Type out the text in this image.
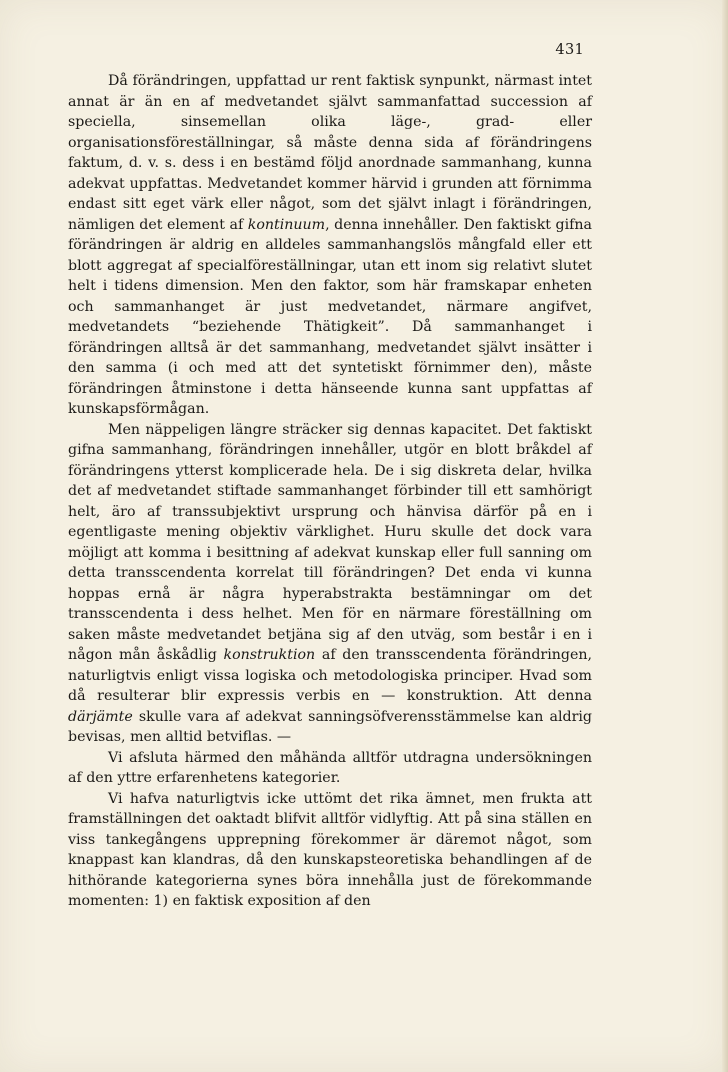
431

Då förändringen, uppfattad ur rent faktisk synpunkt, närmast intet annat är än en af medvetandet självt sammanfattad succession af speciella, sinsemellan olika läge-, grad- eller organisationsföreställningar, så måste denna sida af förändringens faktum, d. v. s. dess i en bestämd följd anordnade sammanhang, kunna adekvat uppfattas. Medvetandet kommer härvid i grunden att förnimma endast sitt eget värk eller något, som det självt inlagt i förändringen, nämligen det element af kontinuum, denna innehåller. Den faktiskt gifna förändringen är aldrig en alldeles sammanhangslös mångfald eller ett blott aggregat af specialföreställningar, utan ett inom sig relativt slutet helt i tidens dimension. Men den faktor, som här framskapar enheten och sammanhanget är just medvetandet, närmare angifvet, medvetandets “beziehende Thätigkeit”. Då sammanhanget i förändringen alltså är det sammanhang, medvetandet självt insätter i den samma (i och med att det syntetiskt förnimmer den), måste förändringen åtminstone i detta hänseende kunna sant uppfattas af kunskapsförmågan.

Men näppeligen längre sträcker sig dennas kapacitet. Det faktiskt gifna sammanhang, förändringen innehåller, utgör en blott bråkdel af förändringens ytterst komplicerade hela. De i sig diskreta delar, hvilka det af medvetandet stiftade sammanhanget förbinder till ett samhörigt helt, äro af transsubjektivt ursprung och hänvisa därför på en i egentligaste mening objektiv värklighet. Huru skulle det dock vara möjligt att komma i besittning af adekvat kunskap eller full sanning om detta transscendenta korrelat till förändringen? Det enda vi kunna hoppas ernå är några hyperabstrakta bestämningar om det transscendenta i dess helhet. Men för en närmare föreställning om saken måste medvetandet betjäna sig af den utväg, som består i en i någon mån åskådlig konstruktion af den transscendenta förändringen, naturligtvis enligt vissa logiska och metodologiska principer. Hvad som då resulterar blir expressis verbis en — konstruktion. Att denna därjämte skulle vara af adekvat sanningsöfverensstämmelse kan aldrig bevisas, men alltid betviflas. —

Vi afsluta härmed den måhända alltför utdragna undersökningen af den yttre erfarenhetens kategorier.

Vi hafva naturligtvis icke uttömt det rika ämnet, men frukta att framställningen det oaktadt blifvit alltför vidlyftig. Att på sina ställen en viss tankegångens upprepning förekommer är däremot något, som knappast kan klandras, då den kunskapsteoretiska behandlingen af de hithörande kategorierna synes böra innehålla just de förekommande momenten: 1) en faktisk exposition af den
